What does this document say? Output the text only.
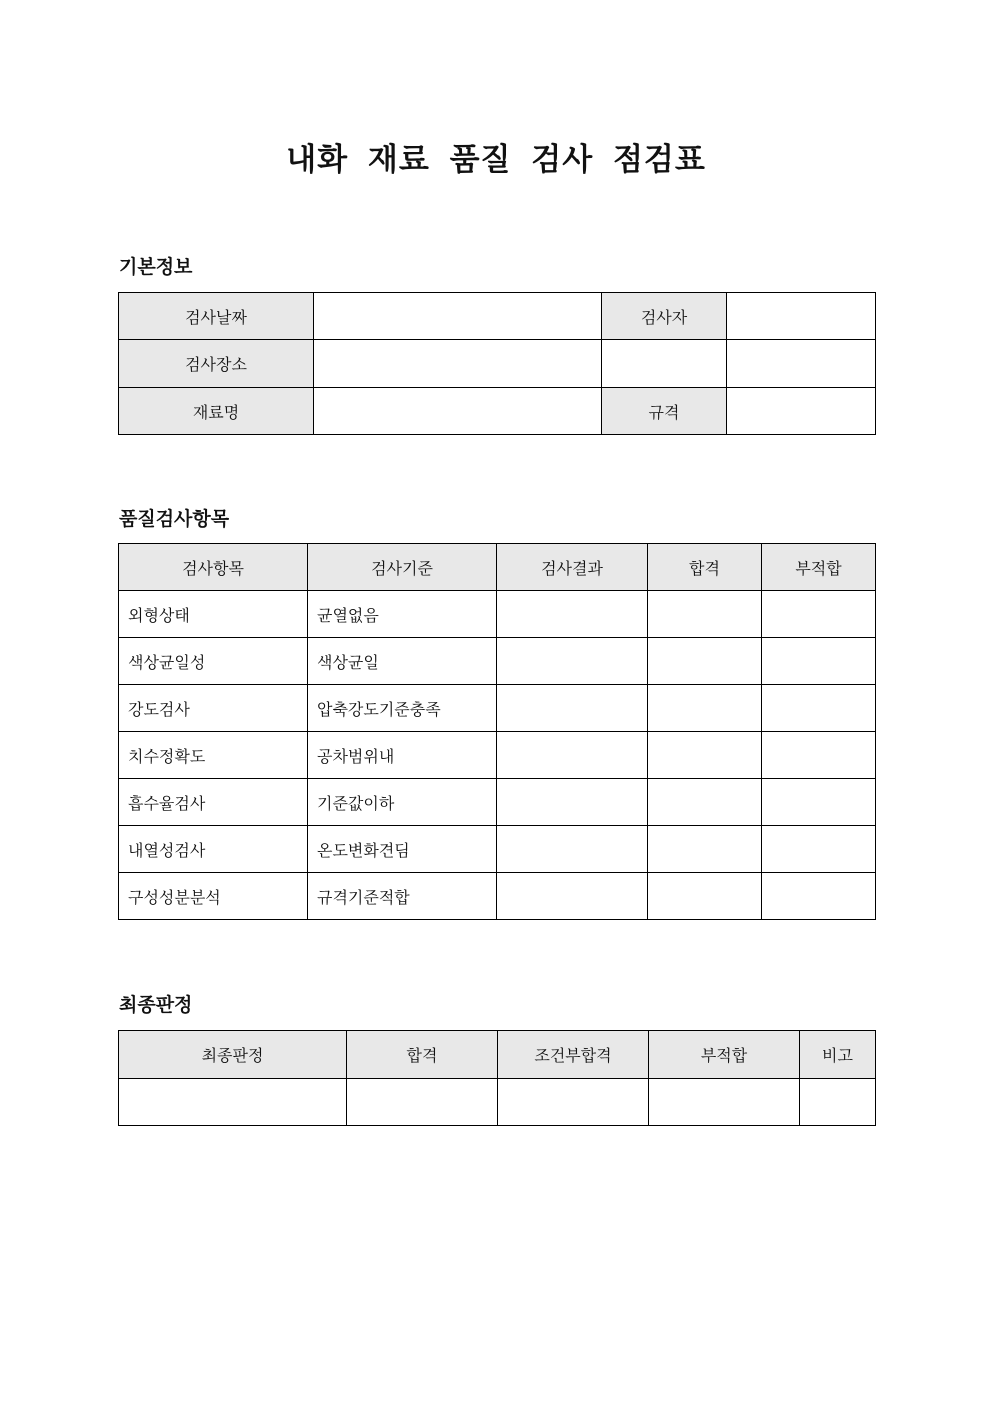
내화 재료 품질 검사 점검표
기본정보
검사날짜		검사자	
검사장소			
재료명		규격	
품질검사항목
검사항목	검사기준	검사결과	합격	부적합
외형상태	균열없음			
색상균일성	색상균일			
강도검사	압축강도기준충족			
치수정확도	공차범위내			
흡수율검사	기준값이하			
내열성검사	온도변화견딤			
구성성분분석	규격기준적합			
최종판정
최종판정	합격	조건부합격	부적합	비고
